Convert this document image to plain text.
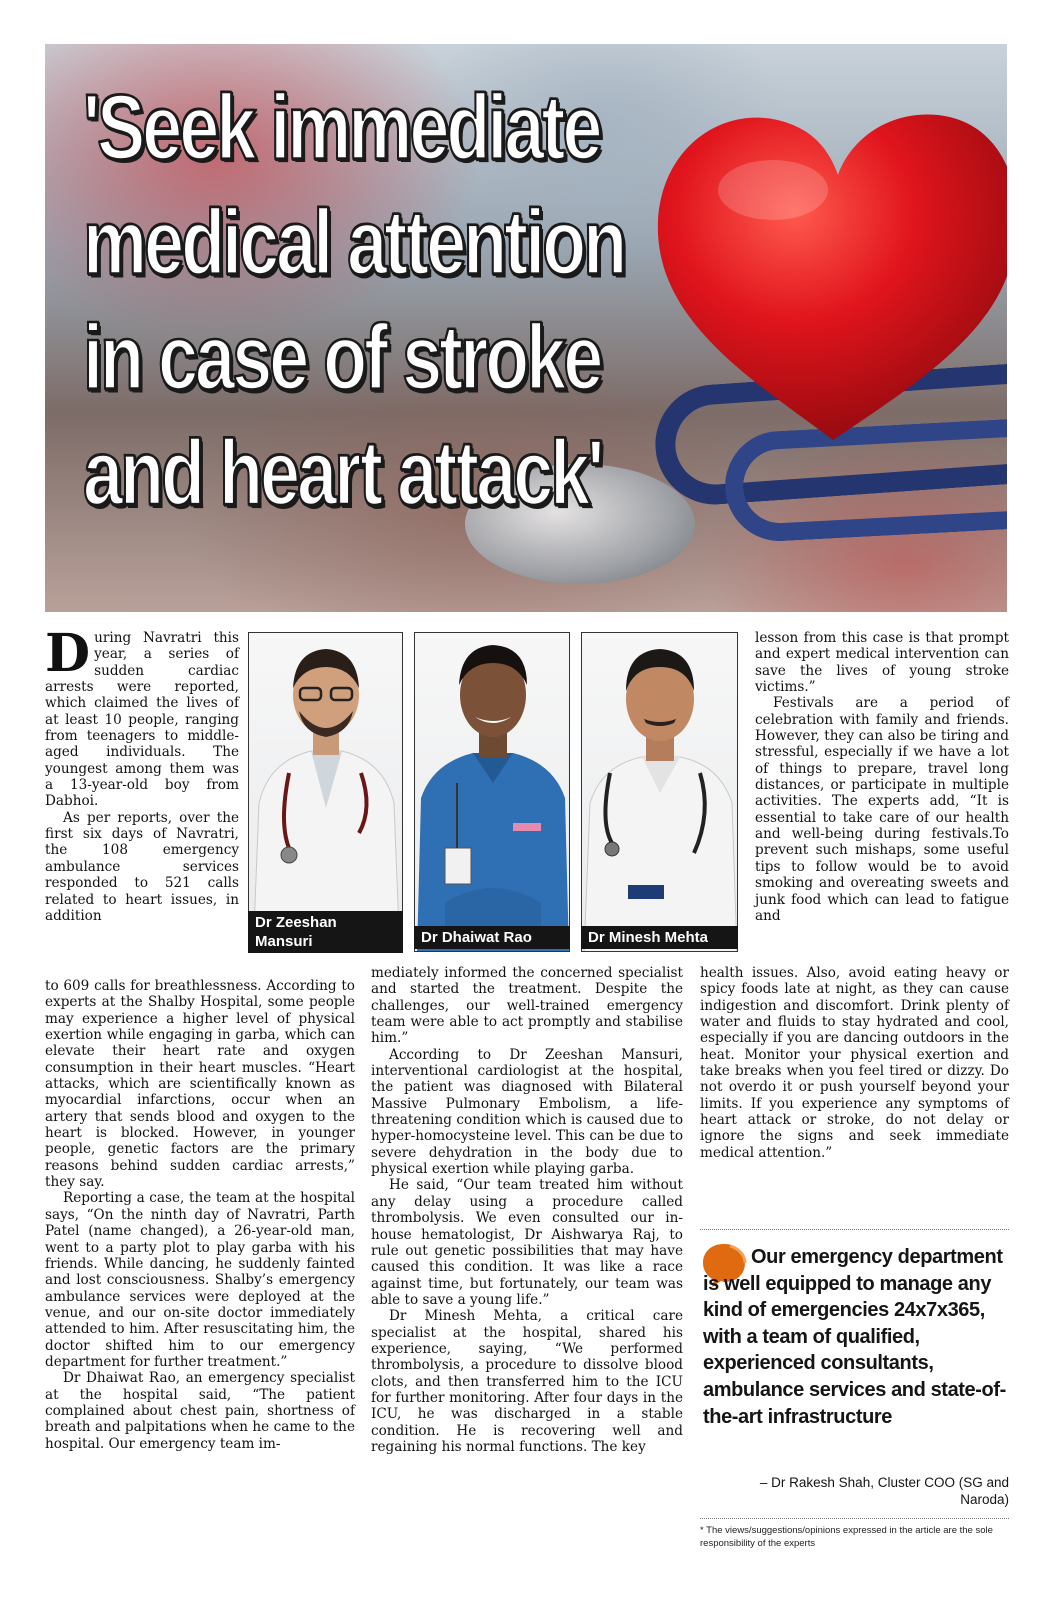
'Seek immediate
medical attention
in case of stroke
and heart attack'

During Navratri this year, a series of sudden cardiac arrests were reported, which claimed the lives of at least 10 people, ranging from teenagers to middle-aged individuals. The youngest among them was a 13-year-old boy from Dabhoi.

As per reports, over the first six days of Navratri, the 108 emergency ambulance services responded to 521 calls related to heart issues, in addition

to 609 calls for breathlessness. According to experts at the Shalby Hospital, some people may experience a higher level of physical exertion while engaging in garba, which can elevate their heart rate and oxygen consumption in their heart muscles. “Heart attacks, which are scientifically known as myocardial infarctions, occur when an artery that sends blood and oxygen to the heart is blocked. However, in younger people, genetic factors are the primary reasons behind sudden cardiac arrests,” they say.

Reporting a case, the team at the hospital says, “On the ninth day of Navratri, Parth Patel (name changed), a 26-year-old man, went to a party plot to play garba with his friends. While dancing, he suddenly fainted and lost consciousness. Shalby’s emergency ambulance services were deployed at the venue, and our on-site doctor immediately attended to him. After resuscitating him, the doctor shifted him to our emergency department for further treatment.”

Dr Dhaiwat Rao, an emergency specialist at the hospital said, “The patient complained about chest pain, shortness of breath and palpitations when he came to the hospital. Our emergency team im-

Dr Zeeshan
Mansuri	Dr Dhaiwat Rao	Dr Minesh Mehta

mediately informed the concerned specialist and started the treatment. Despite the challenges, our well-trained emergency team were able to act promptly and stabilise him.”

According to Dr Zeeshan Mansuri, interventional cardiologist at the hospital, the patient was diagnosed with Bilateral Massive Pulmonary Embolism, a life-threatening condition which is caused due to hyper-homocysteine level. This can be due to severe dehydration in the body due to physical exertion while playing garba.

He said, “Our team treated him without any delay using a procedure called thrombolysis. We even consulted our in-house hematologist, Dr Aishwarya Raj, to rule out genetic possibilities that may have caused this condition. It was like a race against time, but fortunately, our team was able to save a young life.”

Dr Minesh Mehta, a critical care specialist at the hospital, shared his experience, saying, “We performed thrombolysis, a procedure to dissolve blood clots, and then transferred him to the ICU for further monitoring. After four days in the ICU, he was discharged in a stable condition. He is recovering well and regaining his normal functions. The key

lesson from this case is that prompt and expert medical intervention can save the lives of young stroke victims.”

Festivals are a period of celebration with family and friends. However, they can also be tiring and stressful, especially if we have a lot of things to prepare, travel long distances, or participate in multiple activities. The experts add, “It is essential to take care of our health and well-being during festivals.To prevent such mishaps, some useful tips to follow would be to avoid smoking and overeating sweets and junk food which can lead to fatigue and

health issues. Also, avoid eating heavy or spicy foods late at night, as they can cause indigestion and discomfort. Drink plenty of water and fluids to stay hydrated and cool, especially if you are dancing outdoors in the heat. Monitor your physical exertion and take breaks when you feel tired or dizzy. Do not overdo it or push yourself beyond your limits. If you experience any symptoms of heart attack or stroke, do not delay or ignore the signs and seek immediate medical attention.”

Our emergency department is well equipped to manage any kind of emergencies 24x7x365, with a team of qualified, experienced consultants, ambulance services and state-of-the-art infrastructure
– Dr Rakesh Shah, Cluster COO (SG and
Naroda)
* The views/suggestions/opinions expressed in the article are the sole responsibility of the experts
